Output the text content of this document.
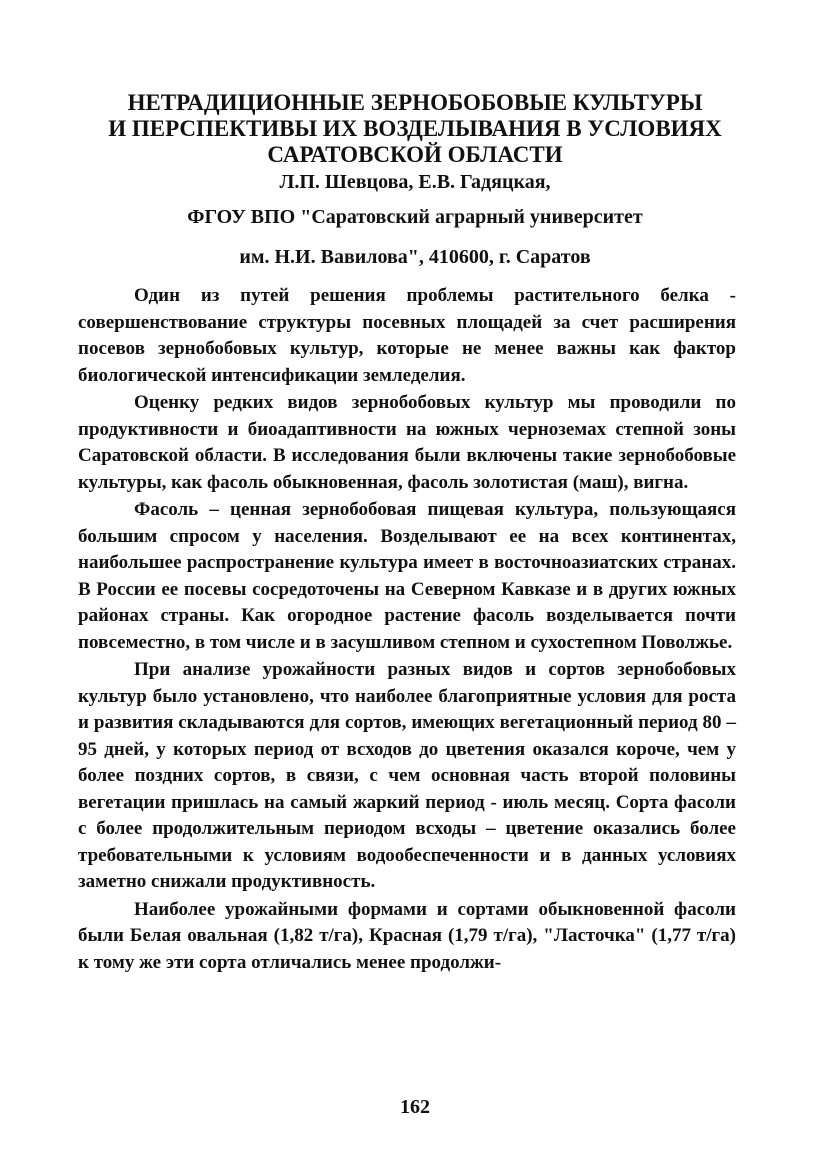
НЕТРАДИЦИОННЫЕ ЗЕРНОБОБОВЫЕ КУЛЬТУРЫ
И ПЕРСПЕКТИВЫ ИХ ВОЗДЕЛЫВАНИЯ В УСЛОВИЯХ
САРАТОВСКОЙ ОБЛАСТИ

Л.П. Шевцова, Е.В. Гадяцкая,

ФГОУ ВПО "Саратовский аграрный университет

им. Н.И. Вавилова", 410600, г. Саратов

Один из путей решения проблемы растительного белка - совершенствование структуры посевных площадей за счет расширения посевов зернобобовых культур, которые не менее важны как фактор биологической интенсификации земледелия.

Оценку редких видов зернобобовых культур мы проводили по продуктивности и биоадаптивности на южных черноземах степной зоны Саратовской области. В исследования были включены такие зернобобовые культуры, как фасоль обыкновенная, фасоль золотистая (маш), вигна.

Фасоль – ценная зернобобовая пищевая культура, пользующаяся большим спросом у населения. Возделывают ее на всех континентах, наибольшее распространение культура имеет в восточноазиатских странах. В России ее посевы сосредоточены на Северном Кавказе и в других южных районах страны. Как огородное растение фасоль возделывается почти повсеместно, в том числе и в засушливом степном и сухостепном Поволжье.

При анализе урожайности разных видов и сортов зернобобовых культур было установлено, что наиболее благоприятные условия для роста и развития складываются для сортов, имеющих вегетационный период 80 – 95 дней, у которых период от всходов до цветения оказался короче, чем у более поздних сортов, в связи, с чем основная часть второй половины вегетации пришлась на самый жаркий период - июль месяц. Сорта фасоли с более продолжительным периодом всходы – цветение оказались более требовательными к условиям водообеспеченности и в данных условиях заметно снижали продуктивность.

Наиболее урожайными формами и сортами обыкновенной фасоли были Белая овальная (1,82 т/га), Красная (1,79 т/га), "Ласточка" (1,77 т/га) к тому же эти сорта отличались менее продолжи-

162
